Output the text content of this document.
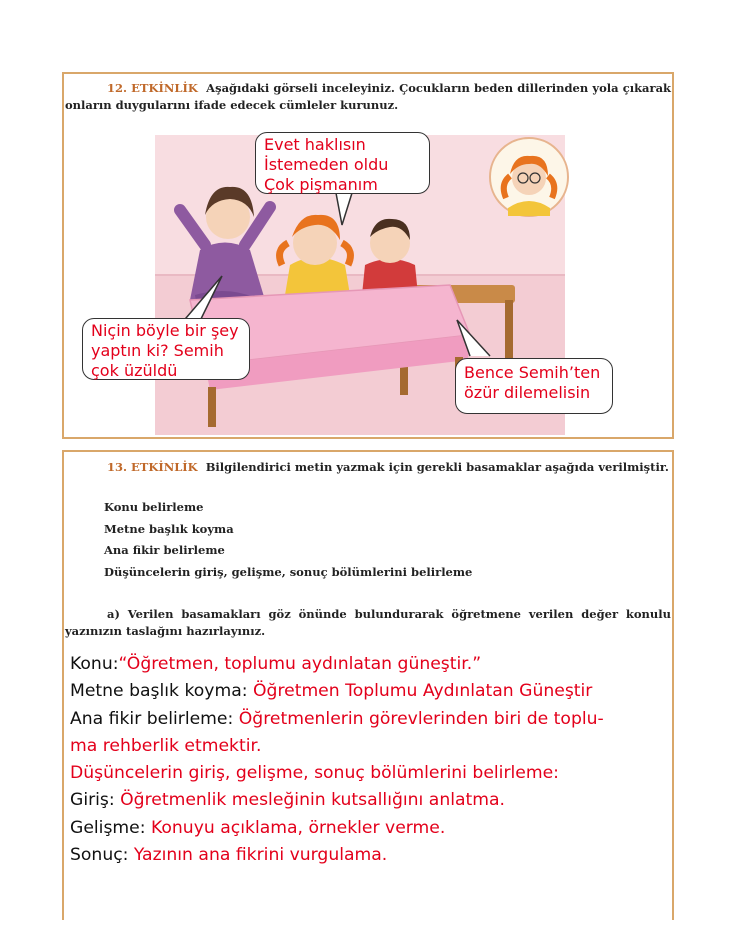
12. ETKİNLİK Aşağıdaki görseli inceleyiniz. Çocukların beden dillerinden yola çıkarak onların duygularını ifade edecek cümleler kurunuz.
Evet haklısın
İstemeden oldu
Çok pişmanım
Niçin böyle bir şey
yaptın ki? Semih
çok üzüldü	Bence Semih’ten
özür dilemelisin
13. ETKİNLİK Bilgilendirici metin yazmak için gerekli basamaklar aşağıda verilmiştir.
Konu belirleme
Metne başlık koyma
Ana fikir belirleme
Düşüncelerin giriş, gelişme, sonuç bölümlerini belirleme
a) Verilen basamakları göz önünde bulundurarak öğretmene verilen değer konulu yazınızın taslağını hazırlayınız.
Konu:“Öğretmen, toplumu aydınlatan güneştir.”
Metne başlık koyma: Öğretmen Toplumu Aydınlatan Güneştir
Ana fikir belirleme: Öğretmenlerin görevlerinden biri de toplu-
ma rehberlik etmektir.
Düşüncelerin giriş, gelişme, sonuç bölümlerini belirleme:
Giriş: Öğretmenlik mesleğinin kutsallığını anlatma.
Gelişme: Konuyu açıklama, örnekler verme.
Sonuç: Yazının ana fikrini vurgulama.
